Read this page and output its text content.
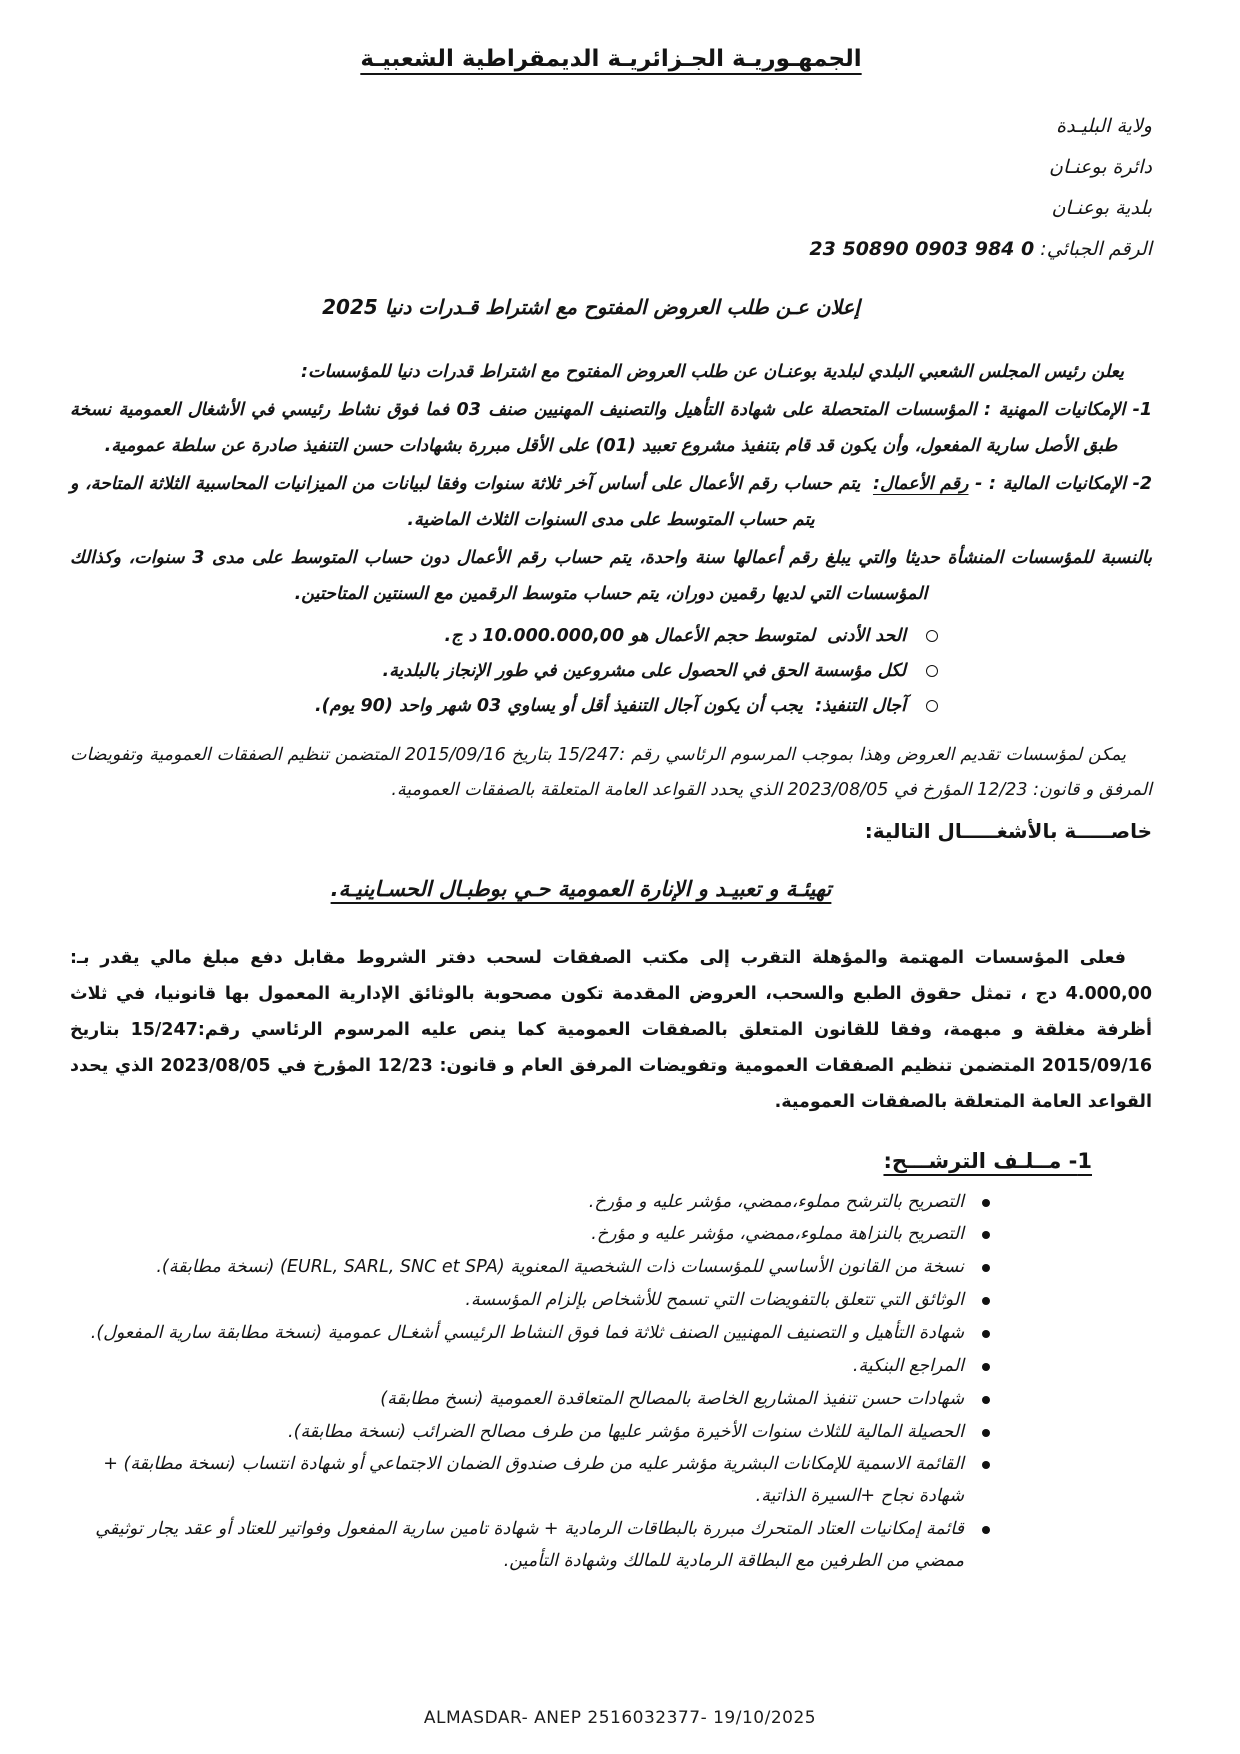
الجمهـوريـة الجـزائريـة الديمقراطية الشعبيـة
ولاية البليـدة
دائرة بوعنـان
بلدية بوعنـان
الرقم الجبائي: 0 984 0903 50890 23
إعلان عـن طلب العروض المفتوح مع اشتراط قـدرات دنيا 2025

يعلن رئيس المجلس الشعبي البلدي لبلدية بوعنـان عن طلب العروض المفتوح مع اشتراط قدرات دنيا للمؤسسات:

1- الإمكانيات المهنية : المؤسسات المتحصلة على شهادة التأهيل والتصنيف المهنيين صنف 03 فما فوق نشاط رئيسي في الأشغال العمومية نسخة طبق الأصل سارية المفعول، وأن يكون قد قام بتنفيذ مشروع تعبيد (01) على الأقل مبررة بشهادات حسن التنفيذ صادرة عن سلطة عمومية.

2- الإمكانيات المالية : - رقم الأعمال: يتم حساب رقم الأعمال على أساس آخر ثلاثة سنوات وفقا لبيانات من الميزانيات المحاسبية الثلاثة المتاحة، و يتم حساب المتوسط على مدى السنوات الثلاث الماضية.

بالنسبة للمؤسسات المنشأة حديثا والتي يبلغ رقم أعمالها سنة واحدة، يتم حساب رقم الأعمال دون حساب المتوسط على مدى 3 سنوات، وكذالك المؤسسات التي لديها رقمين دوران، يتم حساب متوسط الرقمين مع السنتين المتاحتين.

الحد الأدنى لمتوسط حجم الأعمال هو 10.000.000,00 د ج.
لكل مؤسسة الحق في الحصول على مشروعين في طور الإنجاز بالبلدية.
آجال التنفيذ: يجب أن يكون آجال التنفيذ أقل أو يساوي 03 شهر واحد (90 يوم).

يمكن لمؤسسات تقديم العروض وهذا بموجب المرسوم الرئاسي رقم :15/247 بتاريخ 2015/09/16 المتضمن تنظيم الصفقات العمومية وتفويضات المرفق و قانون: 12/23 المؤرخ في 2023/08/05 الذي يحدد القواعد العامة المتعلقة بالصفقات العمومية.

خاصـــــة بالأشغـــــال التالية:
تهيئـة و تعبيـد و الإنارة العمومية حـي بوطبـال الحسـاينيـة.

فعلى المؤسسات المهتمة والمؤهلة التقرب إلى مكتب الصفقات لسحب دفتر الشروط مقابل دفع مبلغ مالي يقدر بـ: 4.000,00 دج ، تمثل حقوق الطبع والسحب، العروض المقدمة تكون مصحوبة بالوثائق الإدارية المعمول بها قانونيا، في ثلاث أظرفة مغلقة و مبهمة، وفقا للقانون المتعلق بالصفقات العمومية كما ينص عليه المرسوم الرئاسي رقم:15/247 بتاريخ 2015/09/16 المتضمن تنظيم الصفقات العمومية وتفويضات المرفق العام و قانون: 12/23 المؤرخ في 2023/08/05 الذي يحدد القواعد العامة المتعلقة بالصفقات العمومية.

1- مــلـف الترشـــح:
التصريح بالترشح مملوء،ممضي، مؤشر عليه و مؤرخ.
التصريح بالنزاهة مملوء،ممضي، مؤشر عليه و مؤرخ.
نسخة من القانون الأساسي للمؤسسات ذات الشخصية المعنوية (EURL, SARL, SNC et SPA) (نسخة مطابقة).
الوثائق التي تتعلق بالتفويضات التي تسمح للأشخاص بإلزام المؤسسة.
شهادة التأهيل و التصنيف المهنيين الصنف ثلاثة فما فوق النشاط الرئيسي أشغـال عمومية (نسخة مطابقة سارية المفعول).
المراجع البنكية.
شهادات حسن تنفيذ المشاريع الخاصة بالمصالح المتعاقدة العمومية (نسخ مطابقة)
الحصيلة المالية للثلاث سنوات الأخيرة مؤشر عليها من طرف مصالح الضرائب (نسخة مطابقة).
القائمة الاسمية للإمكانات البشرية مؤشر عليه من طرف صندوق الضمان الاجتماعي أو شهادة انتساب (نسخة مطابقة) + شهادة نجاح +السيرة الذاتية.
قائمة إمكانيات العتاد المتحرك مبررة بالبطاقات الرمادية + شهادة تامين سارية المفعول وفواتير للعتاد أو عقد يجار توثيقي ممضي من الطرفين مع البطاقة الرمادية للمالك وشهادة التأمين.
ALMASDAR- ANEP 2516032377- 19/10/2025
